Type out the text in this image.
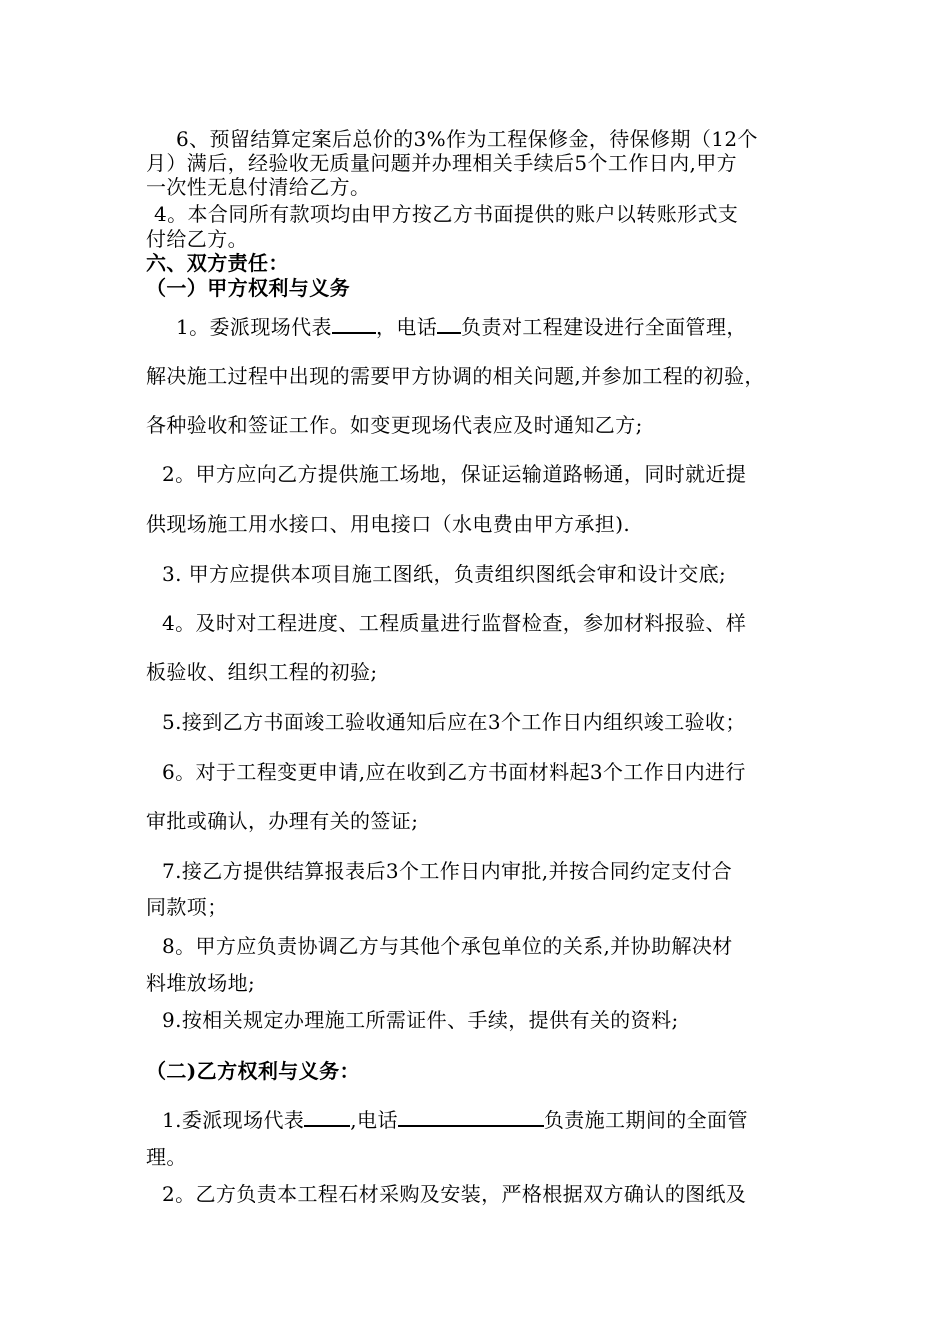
6、预留结算定案后总价的3%作为工程保修金，待保修期（12个
月）满后，经验收无质量问题并办理相关手续后5个工作日内,甲方
一次性无息付清给乙方。
4。本合同所有款项均由甲方按乙方书面提供的账户以转账形式支
付给乙方。
六、双方责任：
（一）甲方权利与义务
1。委派现场代表 ，电话 负责对工程建设进行全面管理，
解决施工过程中出现的需要甲方协调的相关问题,并参加工程的初验，
各种验收和签证工作。如变更现场代表应及时通知乙方;
2。甲方应向乙方提供施工场地，保证运输道路畅通，同时就近提
供现场施工用水接口、用电接口（水电费由甲方承担).
3. 甲方应提供本项目施工图纸，负责组织图纸会审和设计交底;
4。及时对工程进度、工程质量进行监督检查，参加材料报验、样
板验收、组织工程的初验;
5.接到乙方书面竣工验收通知后应在3个工作日内组织竣工验收；
6。对于工程变更申请,应在收到乙方书面材料起3个工作日内进行
审批或确认，办理有关的签证;
7.接乙方提供结算报表后3个工作日内审批,并按合同约定支付合
同款项；
8。甲方应负责协调乙方与其他个承包单位的关系,并协助解决材
料堆放场地;
9.按相关规定办理施工所需证件、手续，提供有关的资料;
（二)乙方权利与义务：
1.委派现场代表 ,电话	负责施工期间的全面管
理。
2。乙方负责本工程石材采购及安装，严格根据双方确认的图纸及
